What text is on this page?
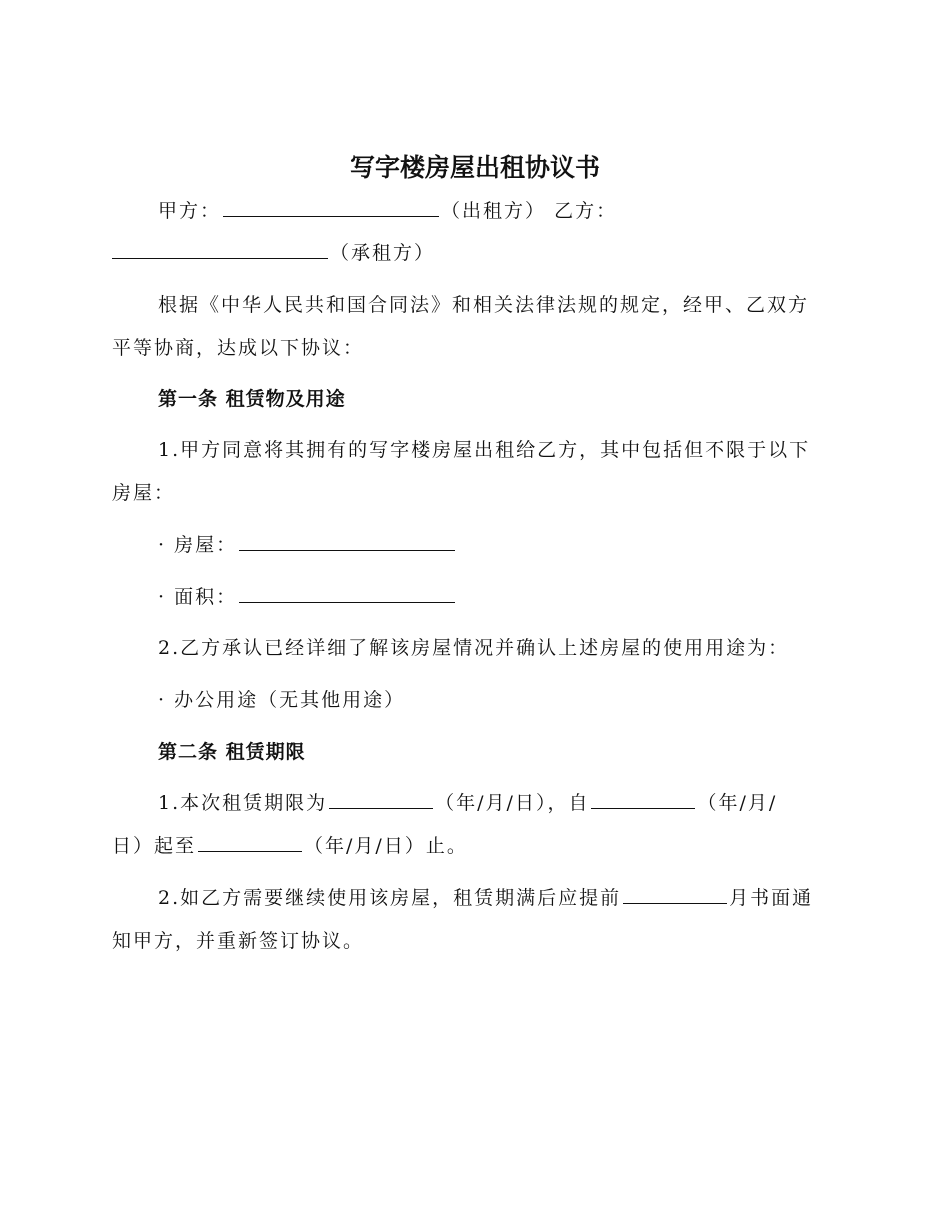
写字楼房屋出租协议书
甲方：	（出租方） 乙方：
（承租方）
根据《中华人民共和国合同法》和相关法律法规的规定，经甲、乙双方
平等协商，达成以下协议：
第一条 租赁物及用途
1.甲方同意将其拥有的写字楼房屋出租给乙方，其中包括但不限于以下
房屋：
· 房屋：
· 面积：
2.乙方承认已经详细了解该房屋情况并确认上述房屋的使用用途为：
· 办公用途（无其他用途）
第二条 租赁期限
1.本次租赁期限为	（年/月/日），自	（年/月/
日）起至	（年/月/日）止。
2.如乙方需要继续使用该房屋，租赁期满后应提前	月书面通
知甲方，并重新签订协议。
